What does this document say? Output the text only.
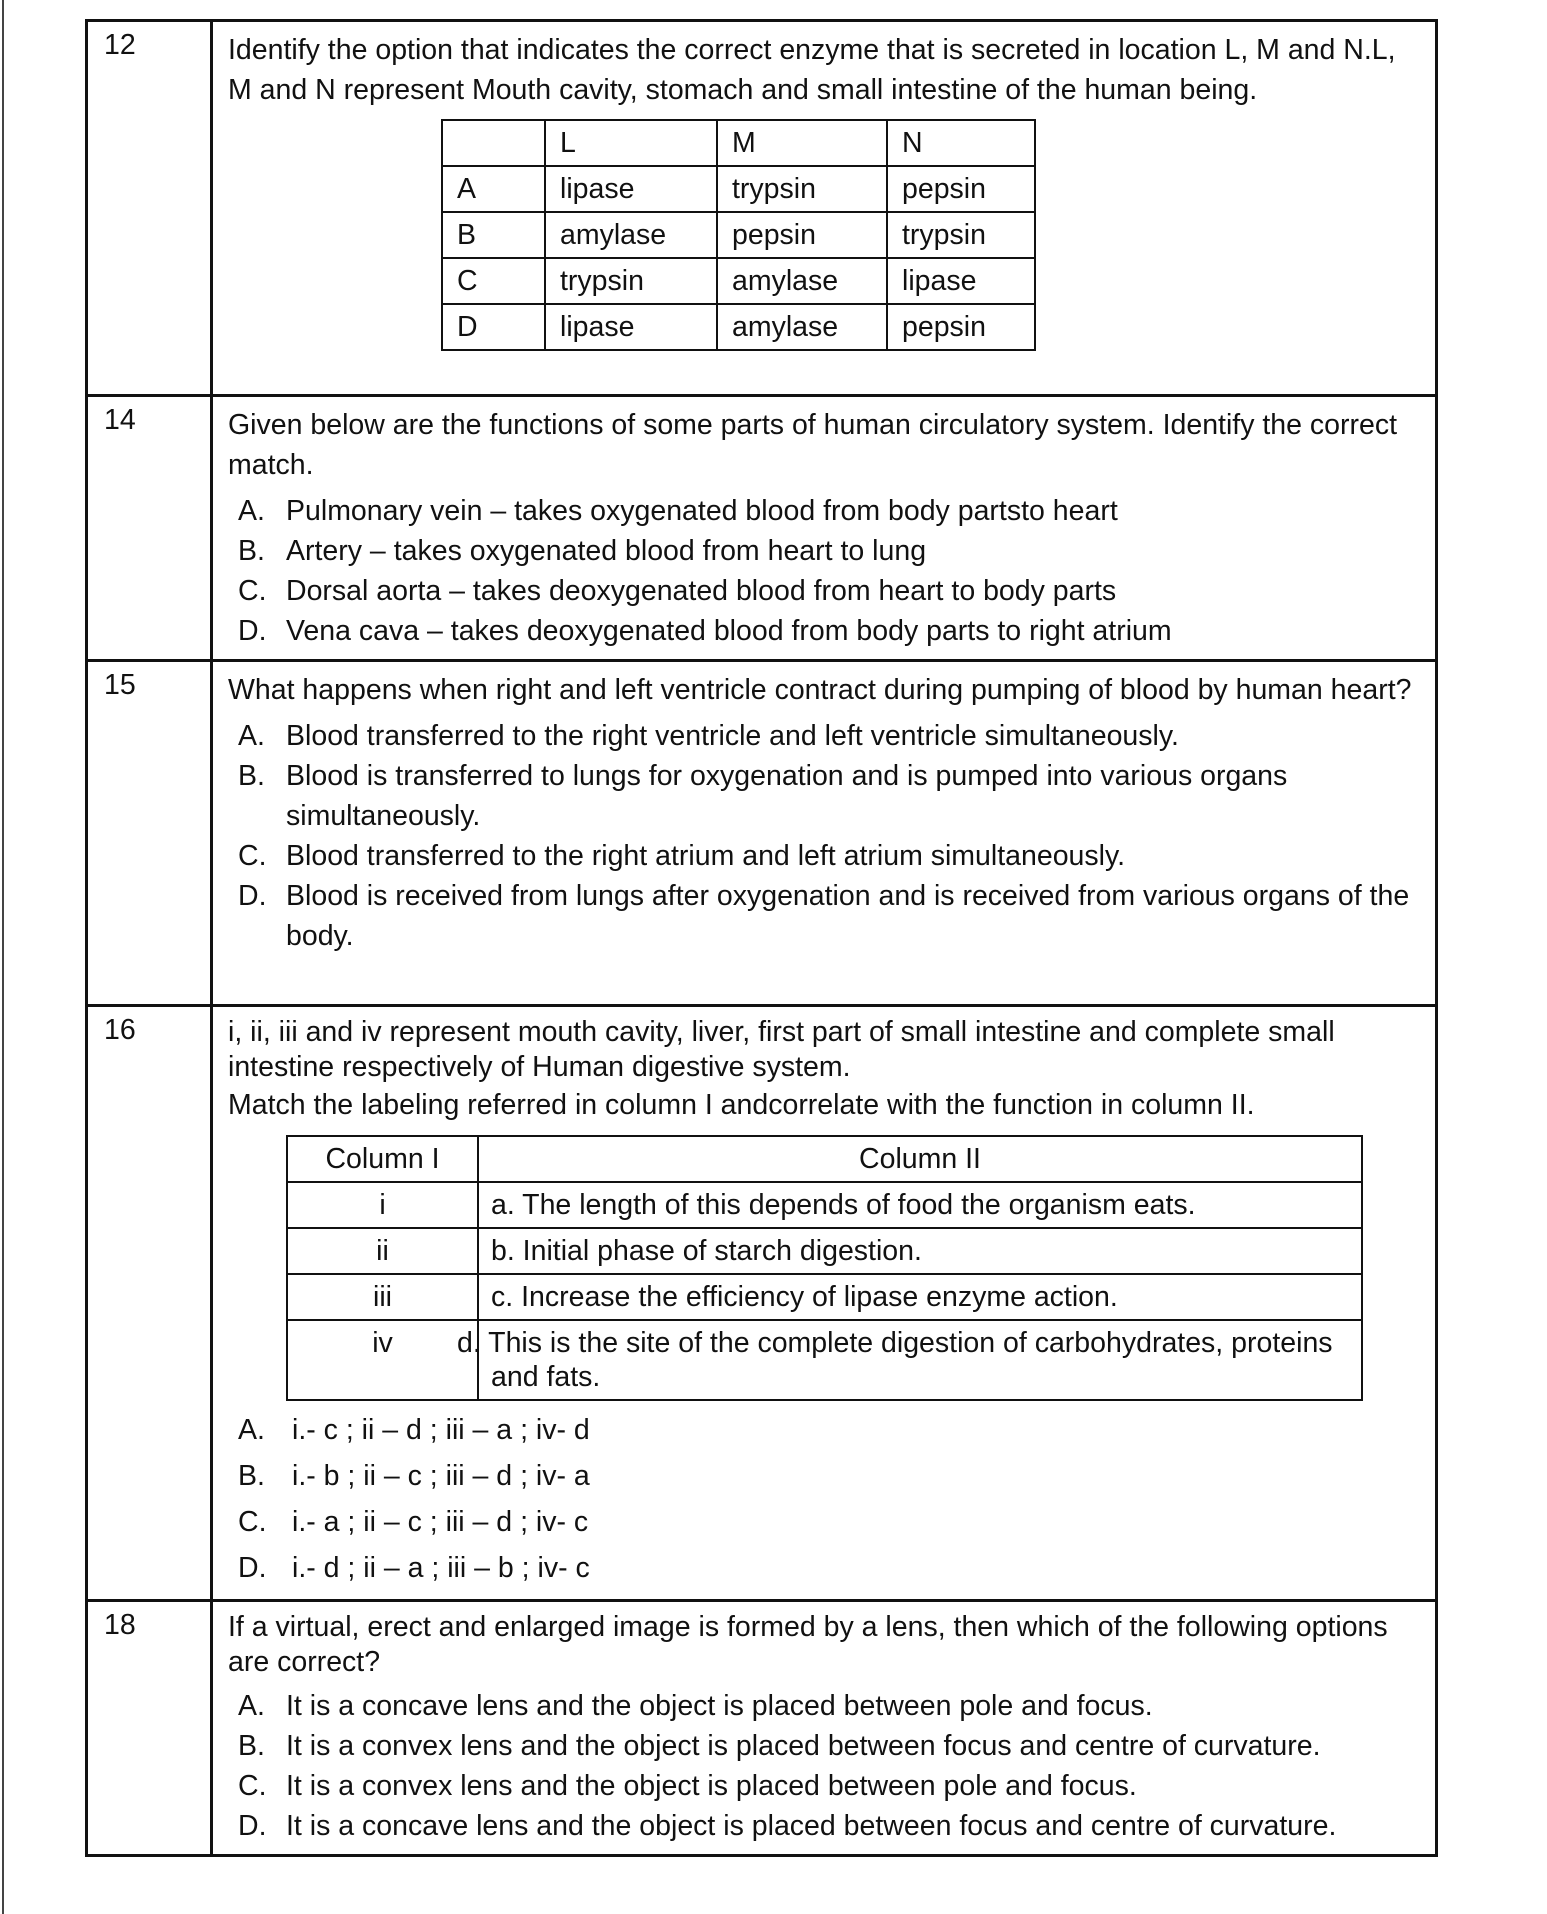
12	Identify the option that indicates the correct enzyme that is secreted in location L, M and N.L, M and N represent Mouth cavity, stomach and small intestine of the human being.

	L	M	N
A	lipase	trypsin	pepsin
B	amylase	pepsin	trypsin
C	trypsin	amylase	lipase
D	lipase	amylase	pepsin

14	Given below are the functions of some parts of human circulatory system. Identify the correct match.

A. Pulmonary vein – takes oxygenated blood from body partsto heart
B. Artery – takes oxygenated blood from heart to lung
C. Dorsal aorta – takes deoxygenated blood from heart to body parts
D. Vena cava – takes deoxygenated blood from body parts to right atrium

15	What happens when right and left ventricle contract during pumping of blood by human heart?

A. Blood transferred to the right ventricle and left ventricle simultaneously.
B. Blood is transferred to lungs for oxygenation and is pumped into various organs simultaneously.
C. Blood transferred to the right atrium and left atrium simultaneously.
D. Blood is received from lungs after oxygenation and is received from various organs of the body.

16	i, ii, iii and iv represent mouth cavity, liver, first part of small intestine and complete small intestine respectively of Human digestive system.

Match the labeling referred in column I andcorrelate with the function in column II.

Column I	Column II
i	a. The length of this depends of food the organism eats.
ii	b. Initial phase of starch digestion.
iii	c. Increase the efficiency of lipase enzyme action.
iv	d. This is the site of the complete digestion of carbohydrates, proteins and fats.
A. i.- c ; ii – d ; iii – a ; iv- d
B. i.- b ; ii – c ; iii – d ; iv- a
C. i.- a ; ii – c ; iii – d ; iv- c
D. i.- d ; ii – a ; iii – b ; iv- c

18	If a virtual, erect and enlarged image is formed by a lens, then which of the following options are correct?

A. It is a concave lens and the object is placed between pole and focus.
B. It is a convex lens and the object is placed between focus and centre of curvature.
C. It is a convex lens and the object is placed between pole and focus.
D. It is a concave lens and the object is placed between focus and centre of curvature.
